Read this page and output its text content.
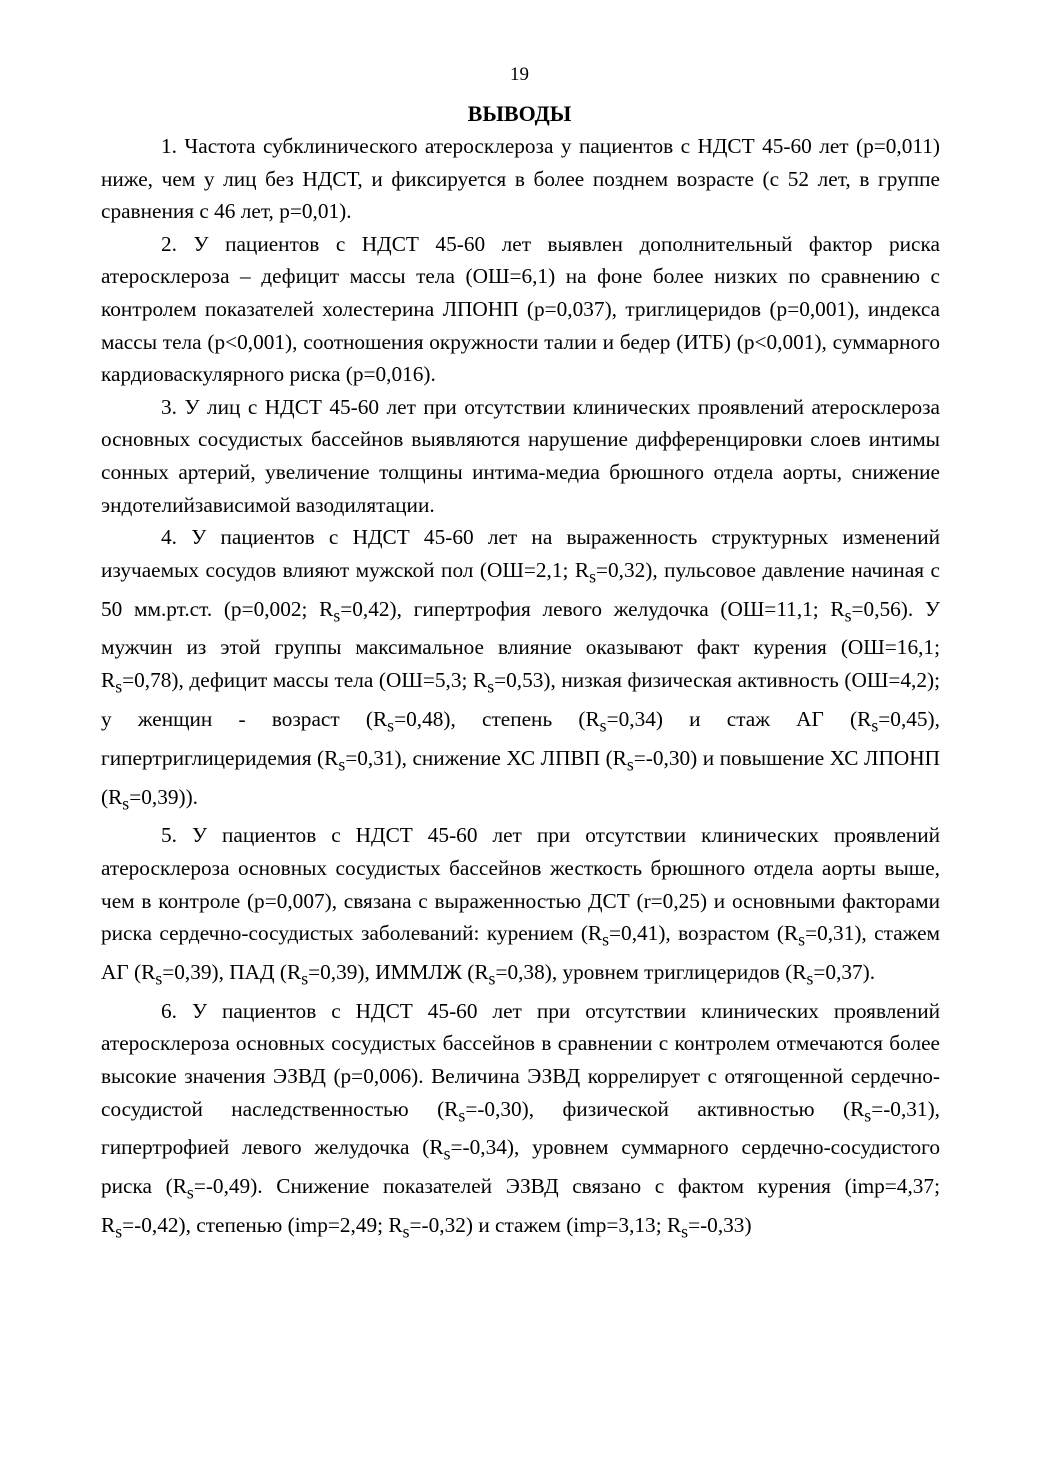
19
ВЫВОДЫ

1. Частота субклинического атеросклероза у пациентов с НДСТ 45-60 лет (р=0,011) ниже, чем у лиц без НДСТ, и фиксируется в более позднем возрасте (с 52 лет, в группе сравнения с 46 лет, р=0,01).

2. У пациентов с НДСТ 45-60 лет выявлен дополнительный фактор риска атеросклероза – дефицит массы тела (ОШ=6,1) на фоне более низких по сравнению с контролем показателей холестерина ЛПОНП (р=0,037), триглицеридов (р=0,001), индекса массы тела (р<0,001), соотношения окружности талии и бедер (ИТБ) (р<0,001), суммарного кардиоваскулярного риска (р=0,016).

3. У лиц с НДСТ 45-60 лет при отсутствии клинических проявлений атеросклероза основных сосудистых бассейнов выявляются нарушение дифференцировки слоев интимы сонных артерий, увеличение толщины интима-медиа брюшного отдела аорты, снижение эндотелийзависимой вазодилятации.

4. У пациентов с НДСТ 45-60 лет на выраженность структурных изменений изучаемых сосудов влияют мужской пол (ОШ=2,1; $R_s=0,32$), пульсовое давление начиная с 50 мм.рт.ст. (р=0,002; $R_s=0,42$), гипертрофия левого желудочка (ОШ=11,1; $R_s=0,56$). У мужчин из этой группы максимальное влияние оказывают факт курения (ОШ=16,1; $R_s=0,78$), дефицит массы тела (ОШ=5,3; $R_s=0,53$), низкая физическая активность (ОШ=4,2); у женщин - возраст $(R_s=0,48)$, степень $(R_s=0,34)$ и стаж АГ $(R_s=0,45)$, гипертриглицеридемия $(R_s=0,31)$, снижение ХС ЛПВП $(R_s=-0,30)$ и повышение ХС ЛПОНП $(R_s=0,39)$).

5. У пациентов с НДСТ 45-60 лет при отсутствии клинических проявлений атеросклероза основных сосудистых бассейнов жесткость брюшного отдела аорты выше, чем в контроле (р=0,007), связана с выраженностью ДСТ (r=0,25) и основными факторами риска сердечно-сосудистых заболеваний: курением $(R_s=0,41)$, возрастом $(R_s=0,31)$, стажем АГ $(R_s=0,39)$, ПАД $(R_s=0,39)$, ИММЛЖ $(R_s=0,38)$, уровнем триглицеридов $(R_s=0,37)$.

6. У пациентов с НДСТ 45-60 лет при отсутствии клинических проявлений атеросклероза основных сосудистых бассейнов в сравнении с контролем отмечаются более высокие значения ЭЗВД (р=0,006). Величина ЭЗВД коррелирует с отягощенной сердечно-сосудистой наследственностью $(R_s=-0,30)$, физической активностью $(R_s=-0,31)$, гипертрофией левого желудочка $(R_s=-0,34)$, уровнем суммарного сердечно-сосудистого риска $(R_s=-0,49)$. Снижение показателей ЭЗВД связано с фактом курения (imp=4,37; $R_s=-0,42$), степенью (imp=2,49; $R_s=-0,32$) и стажем (imp=3,13; $R_s=-0,33$)
